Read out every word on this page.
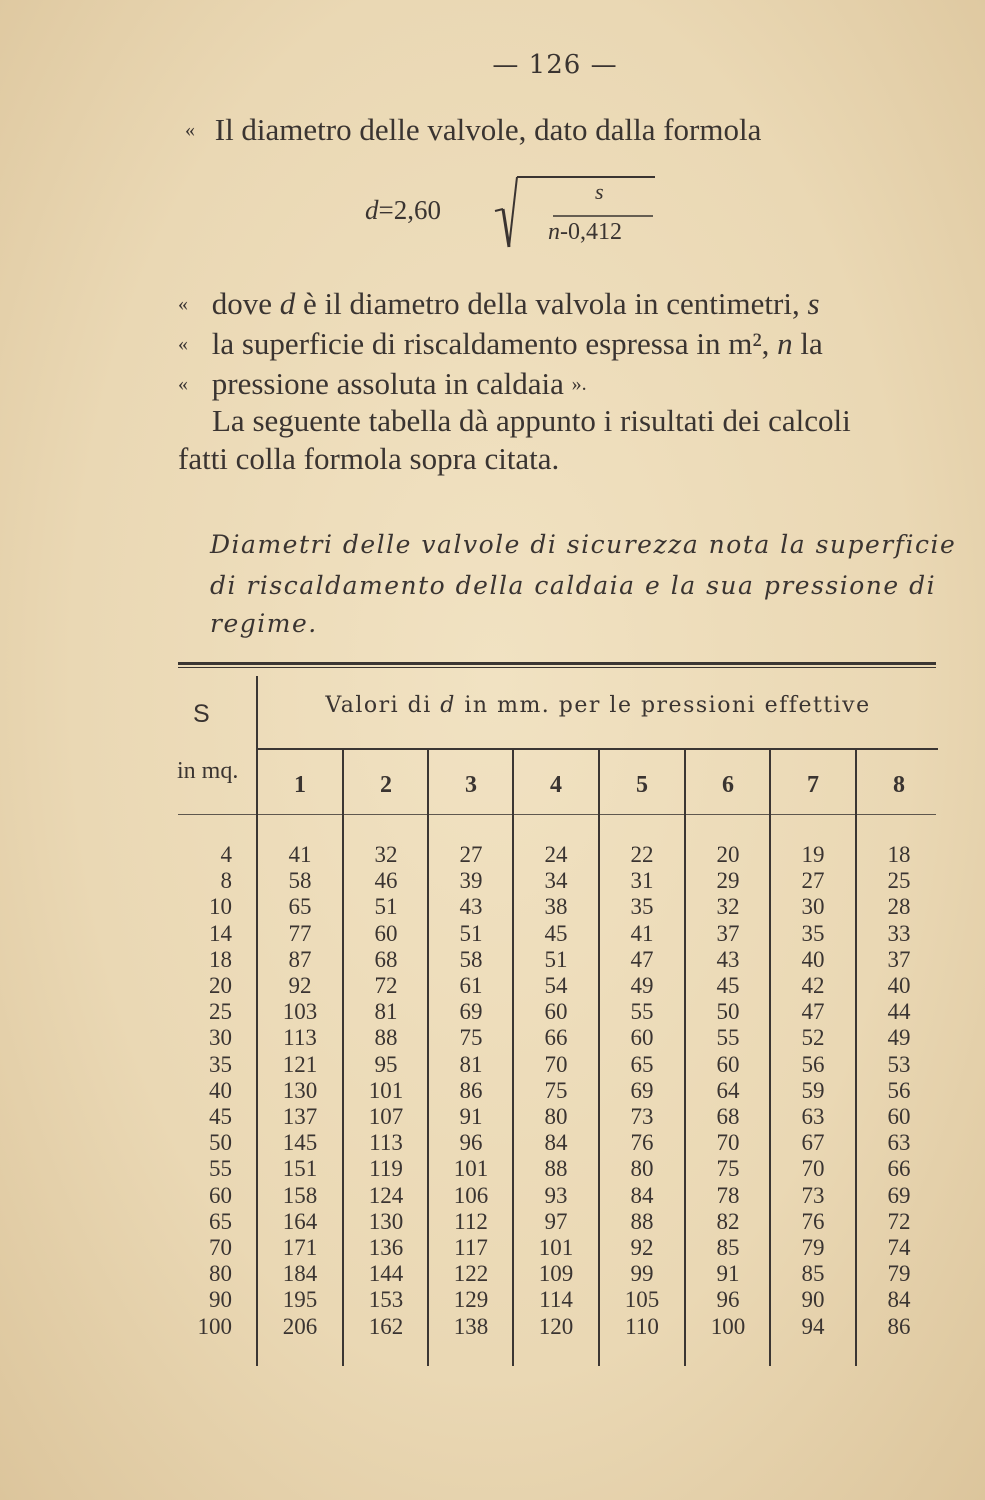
— 126 —
« Il diametro delle valvole, dato dalla formola
d=2,60
s
n-0,412
« dove d è il diametro della valvola in centimetri, s
« la superficie di riscaldamento espressa in m², n la
« pressione assoluta in caldaia ».
La seguente tabella dà appunto i risultati dei calcoli
fatti colla formola sopra citata.
Diametri delle valvole di sicurezza nota la superficie
di riscaldamento della caldaia e la sua pressione di
regime.
S
in mq.
Valori di d in mm. per le pressioni effettive
1	2	3	4	5	6	7	8
4	41	32	27	24	22	20	19	18
8	58	46	39	34	31	29	27	25
10	65	51	43	38	35	32	30	28
14	77	60	51	45	41	37	35	33
18	87	68	58	51	47	43	40	37
20	92	72	61	54	49	45	42	40
25	103	81	69	60	55	50	47	44
30	113	88	75	66	60	55	52	49
35	121	95	81	70	65	60	56	53
40	130	101	86	75	69	64	59	56
45	137	107	91	80	73	68	63	60
50	145	113	96	84	76	70	67	63
55	151	119	101	88	80	75	70	66
60	158	124	106	93	84	78	73	69
65	164	130	112	97	88	82	76	72
70	171	136	117	101	92	85	79	74
80	184	144	122	109	99	91	85	79
90	195	153	129	114	105	96	90	84
100	206	162	138	120	110	100	94	86
